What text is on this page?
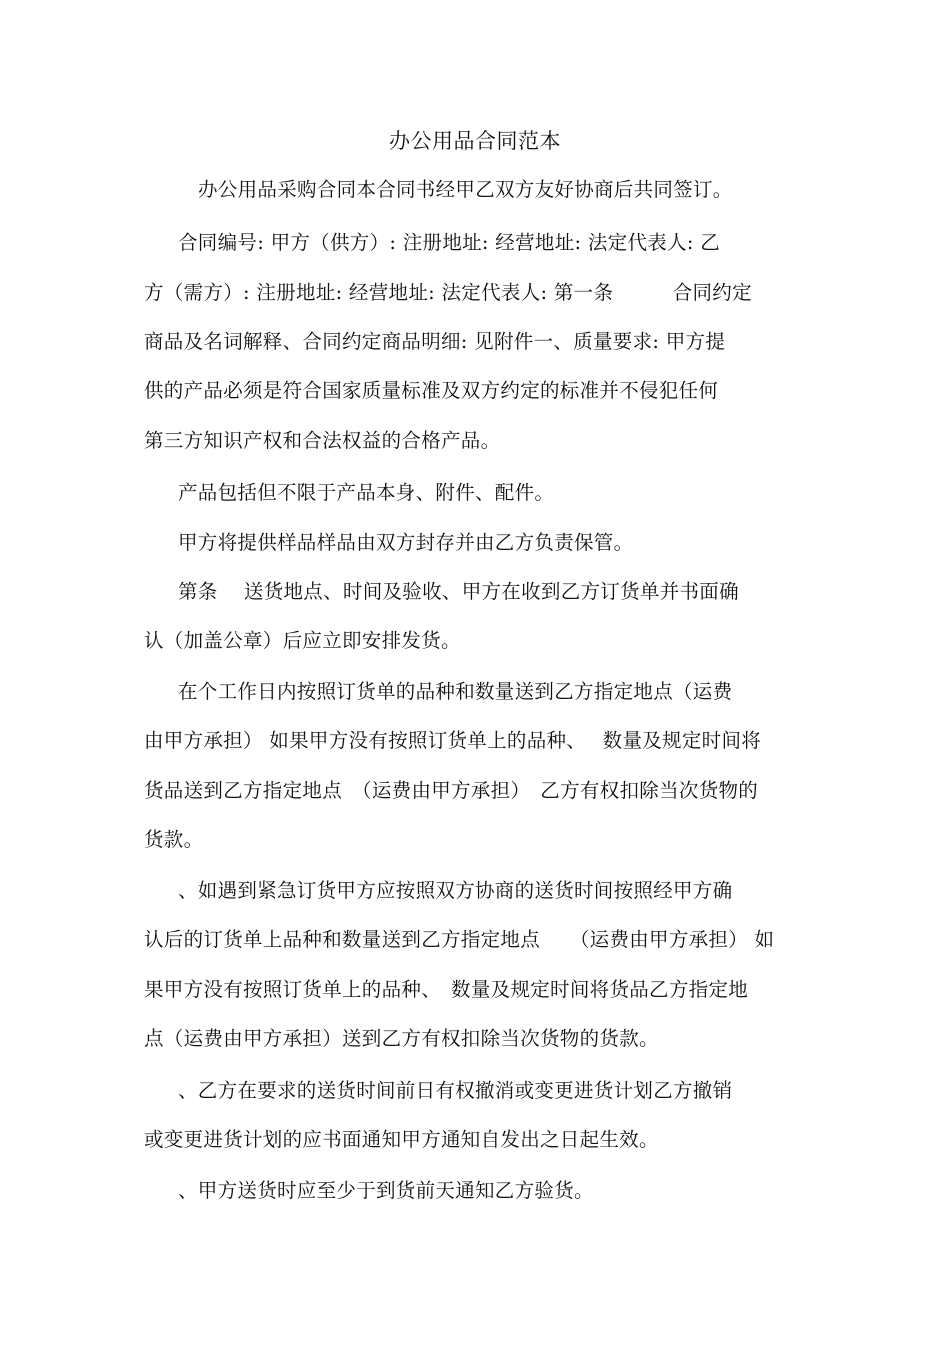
办公用品合同范本
办公用品采购合同本合同书经甲乙双方友好协商后共同签订。
合同编号: 甲方（供方）: 注册地址: 经营地址: 法定代表人: 乙
方（需方）: 注册地址: 经营地址: 法定代表人: 第一条　　　合同约定
商品及名词解释、合同约定商品明细: 见附件一、质量要求: 甲方提
供的产品必须是符合国家质量标准及双方约定的标准并不侵犯任何
第三方知识产权和合法权益的合格产品。
产品包括但不限于产品本身、附件、配件。
甲方将提供样品样品由双方封存并由乙方负责保管。
第条　 送货地点、时间及验收、甲方在收到乙方订货单并书面确
认（加盖公章）后应立即安排发货。
在个工作日内按照订货单的品种和数量送到乙方指定地点（运费
由甲方承担） 如果甲方没有按照订货单上的品种、　 数量及规定时间将
货品送到乙方指定地点　（运费由甲方承担）　乙方有权扣除当次货物的
货款。
、如遇到紧急订货甲方应按照双方协商的送货时间按照经甲方确
认后的订货单上品种和数量送到乙方指定地点　　（运费由甲方承担） 如
果甲方没有按照订货单上的品种、　数量及规定时间将货品乙方指定地
点（运费由甲方承担）送到乙方有权扣除当次货物的货款。
、乙方在要求的送货时间前日有权撤消或变更进货计划乙方撤销
或变更进货计划的应书面通知甲方通知自发出之日起生效。
、甲方送货时应至少于到货前天通知乙方验货。
